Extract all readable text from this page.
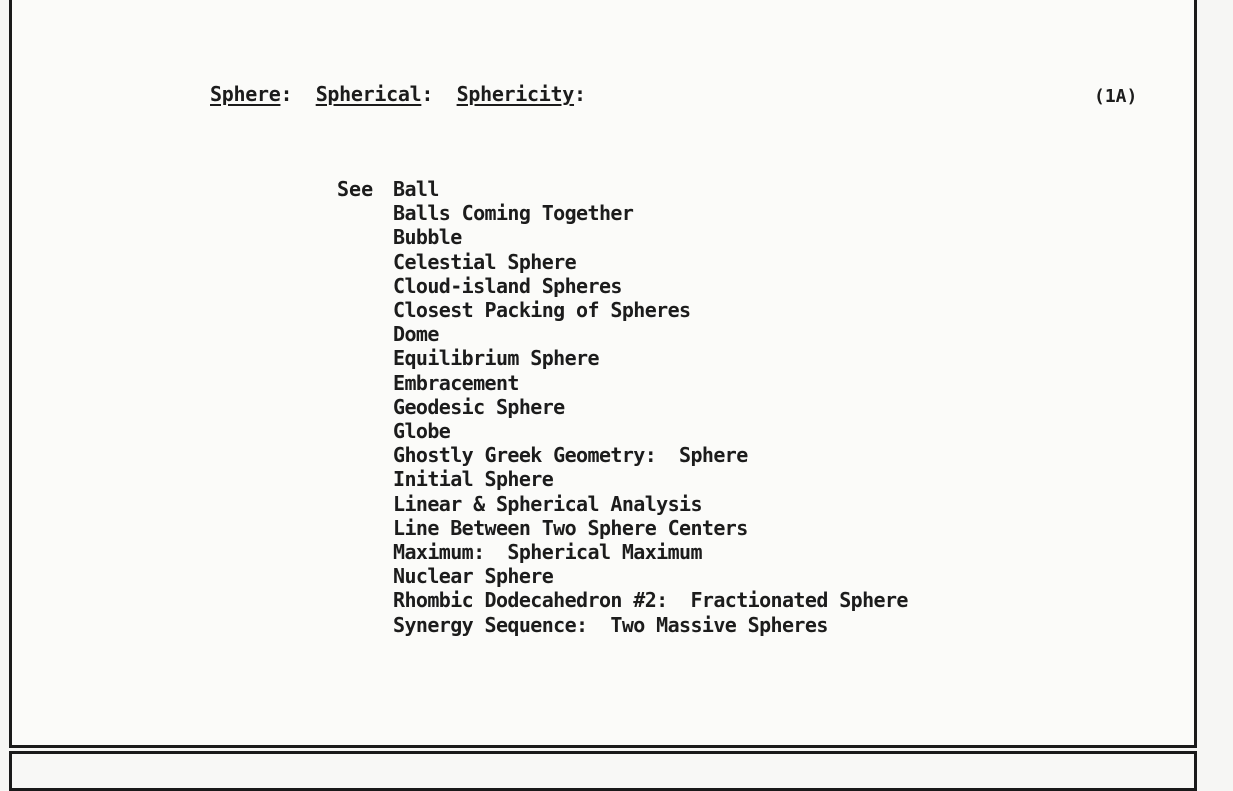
Sphere: Spherical: Sphericity:	(1A)
See Ball
Balls Coming Together
Bubble
Celestial Sphere
Cloud-island Spheres
Closest Packing of Spheres
Dome
Equilibrium Sphere
Embracement
Geodesic Sphere
Globe
Ghostly Greek Geometry:  Sphere
Initial Sphere
Linear & Spherical Analysis
Line Between Two Sphere Centers
Maximum:  Spherical Maximum
Nuclear Sphere
Rhombic Dodecahedron #2:  Fractionated Sphere
Synergy Sequence:  Two Massive Spheres
